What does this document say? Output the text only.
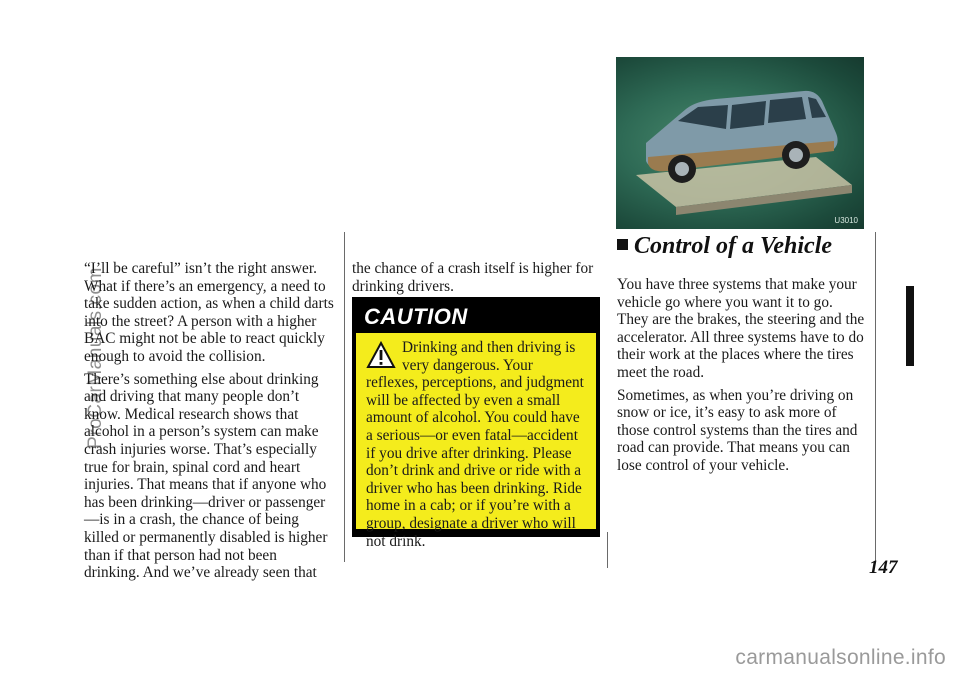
ProCarManuals.com

“I’ll be careful” isn’t the right answer. What if there’s an emergency, a need to take sudden action, as when a child darts into the street? A person with a higher BAC might not be able to react quickly enough to avoid the collision.

There’s something else about drinking and driving that many people don’t know. Medical research shows that alcohol in a person’s system can make crash injuries worse. That’s especially true for brain, spinal cord and heart injuries. That means that if anyone who has been drinking—driver or passenger—is in a crash, the chance of being killed or permanently disabled is higher than if that person had not been drinking. And we’ve already seen that

the chance of a crash itself is higher for drinking drivers.

CAUTION
Drinking and then driving is very dangerous. Your reflexes, perceptions, and judgment will be affected by even a small amount of alcohol. You could have a serious—or even fatal—accident if you drive after drinking. Please don’t drink and drive or ride with a driver who has been drinking. Ride home in a cab; or if you’re with a group, designate a driver who will not drink.
U3010
Control of a Vehicle

You have three systems that make your vehicle go where you want it to go. They are the brakes, the steering and the accelerator. All three systems have to do their work at the places where the tires meet the road.

Sometimes, as when you’re driving on snow or ice, it’s easy to ask more of those control systems than the tires and road can provide. That means you can lose control of your vehicle.

147
carmanualsonline.info
